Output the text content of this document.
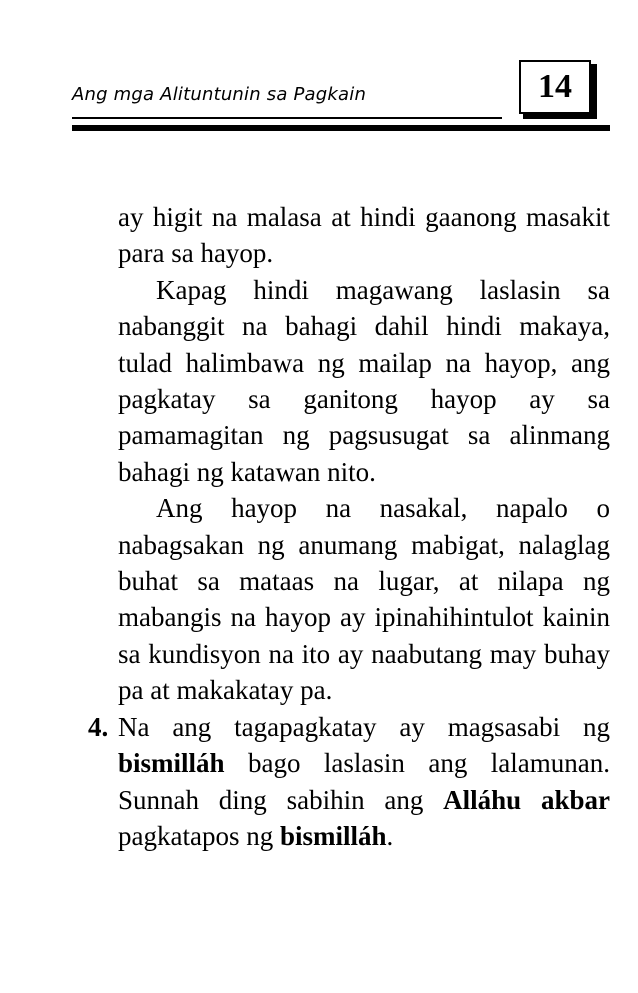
Ang mga Alituntunin sa Pagkain	14

ay higit na malasa at hindi gaanong masakit para sa hayop.

Kapag hindi magawang laslasin sa nabanggit na bahagi dahil hindi makaya, tulad halimbawa ng mailap na hayop, ang pagkatay sa ganitong hayop ay sa pamamagitan ng pagsusugat sa alinmang bahagi ng katawan nito.

Ang hayop na nasakal, napalo o nabagsakan ng anumang mabigat, nalaglag buhat sa mataas na lugar, at nilapa ng mabangis na hayop ay ipinahihintulot kainin sa kundisyon na ito ay naabutang may buhay pa at makakatay pa.

4. Na ang tagapagkatay ay magsasabi ng bismilláh bago laslasin ang lalamunan. Sunnah ding sabihin ang Alláhu akbar pagkatapos ng bismilláh.
